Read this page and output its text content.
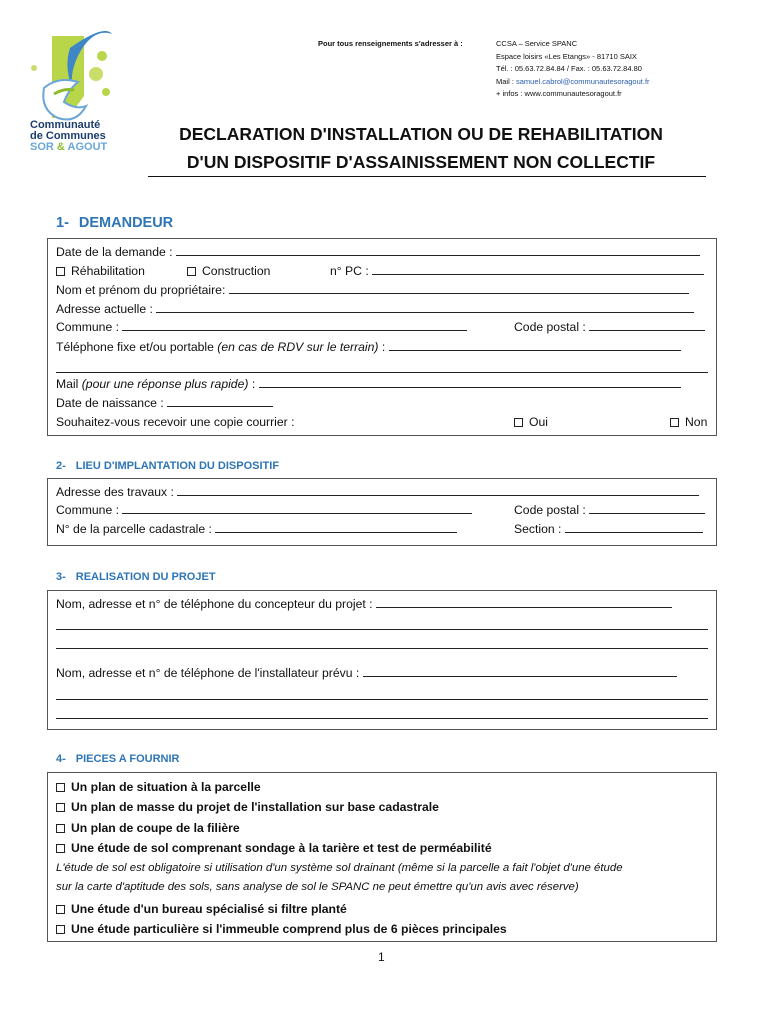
Communauté
de Communes
SOR & AGOUT
Pour tous renseignements s'adresser à :	CCSA – Service SPANC
Espace loisirs «Les Etangs» - 81710 SAIX
Tél. : 05.63.72.84.84 / Fax. : 05.63.72.84.80
Mail : samuel.cabrol@communautesoragout.fr
+ infos : www.communautesoragout.fr
DECLARATION D'INSTALLATION OU DE REHABILITATION
D'UN DISPOSITIF D'ASSAINISSEMENT NON COLLECTIF
1- DEMANDEUR
Date de la demande :
Réhabilitation	Construction	n° PC :
Nom et prénom du propriétaire:
Adresse actuelle :
Commune :	Code postal :
Téléphone fixe et/ou portable (en cas de RDV sur le terrain) :
Mail (pour une réponse plus rapide) :
Date de naissance :
Souhaitez-vous recevoir une copie courrier :	Oui	Non
2- LIEU D'IMPLANTATION DU DISPOSITIF
Adresse des travaux :
Commune :	Code postal :
N° de la parcelle cadastrale :	Section :
3- REALISATION DU PROJET
Nom, adresse et n° de téléphone du concepteur du projet :
Nom, adresse et n° de téléphone de l'installateur prévu :
4- PIECES A FOURNIR
Un plan de situation à la parcelle
Un plan de masse du projet de l'installation sur base cadastrale
Un plan de coupe de la filière
Une étude de sol comprenant sondage à la tarière et test de perméabilité
L'étude de sol est obligatoire si utilisation d'un système sol drainant (même si la parcelle a fait l'objet d'une étude
sur la carte d'aptitude des sols, sans analyse de sol le SPANC ne peut émettre qu'un avis avec réserve)
Une étude d'un bureau spécialisé si filtre planté
Une étude particulière si l'immeuble comprend plus de 6 pièces principales
1
